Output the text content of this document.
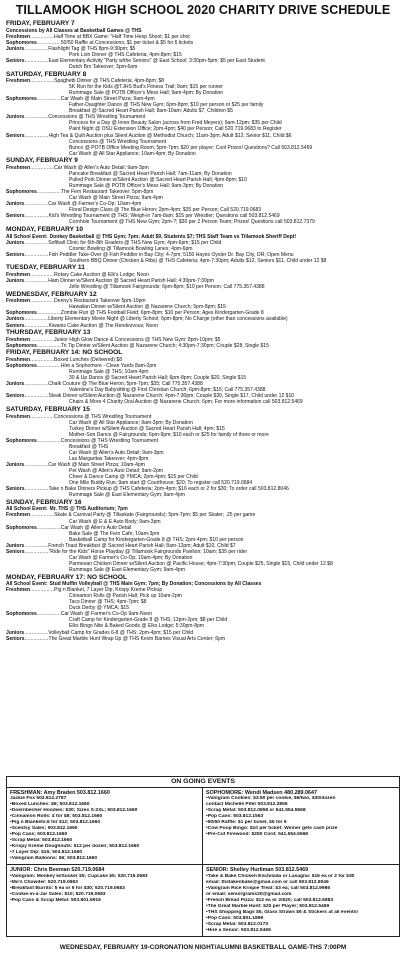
TILLAMOOK HIGH SCHOOL 2020 CHARITY DRIVE SCHEDULE
FRIDAY, FEBRUARY 7
Concessions by All Classes at Basketball Games @ THS
Freshmen .....	Half Time at BBX Game: "Half Time Hoop Shoot; $1 per shot
Sophomores .....	50/50 Raffle at Concessions; $1 per ticket & $5 for 6 tickets
Juniors .....	Flashlight Tag @ THS 8pm-9:30pm; $5
Pork Loin Dinner @ THS Cafeteria; 4pm-8pm; $15
Seniors .....	East Elementary Activity "Party w/the Seniors" @ East School; 3:30pm-5pm; $5 per East Student
Dutch Bro Takeover; 3pm-6pm
SATURDAY, FEBRUARY 8
Freshmen .....	Spaghetti Dinner @ THS Cafeteria; 4pm-8pm; $8
5K Run for the Kids @TJHS Bud's Fitness Trail; 8am; $15 per runner
Rummage Sale @ POTB Officer's Mess Hall; 9am-4pm; By Donation
Sophomores .....	Car Wash @ Main Street Pizza; 9am-4pm
Father-Daughter Dance @ THS New Gym; 6pm-8pm; $10 per person or $25 per family
Breakfast @ Sacred Heart Parish Hall; 8am-10am; Adults $7, Children $5
Juniors .....	Concessions @ THS Wrestling Tournament
Princess for a Day @ Inner Beauty Salon (across from Fred Meyers); 9am-12pm; $35 per Child
Paint Night @ OSU Extension Office; 2pm-4pm; $40 per Person; Call 520.719.0683 to Register
Seniors .....	High Tea & Quilt Auction plus Silent Auction @ Methodist Church; 11am-3pm; Adult $12, Senior $11, Child $6
Concessions @ THS Wrestling Tournament
Bunco @ POTB Office Meeting Room; 5pm-7pm; $20 per player; Cool Prizes! Questions? Call 503.812.5469
Car Wash @ All Star Appliance; 10am-4pm; By Donation
SUNDAY, FEBRUARY 9
Freshmen .....	Car Wash @ Allen's Auto Detail; 9am-3pm
Pancake Breakfast @ Sacred Heart Parish Hall; 7am-11am; By Donation
Pulled Pork Dinner w/Silent Auction @ Sacred Heart Parish Hall; 4pm-8pm; $10
Rummage Sale @ POTB Officer's Mess Hall; 9am-3pm; By Donation
Sophomores .....	The Fern Restaurant Takeover; 5pm-8pm
Car Wash @ Main Street Pizza; 9am-4pm
Juniors .....	Car Wash @ Farmer's Co-Op; 10am-4pm
Floral Design Class @ The Blue Heron; 2pm-4pm; $35 per Person; Call 520.719.0683
Seniors .....	Kid's Wrestling Tournament @ THS; Weigh-in 7am-8am; $15 per Wrestler; Questions call 503.812.5469
Cornhole Tournament @ THS New Gym; 2pm-?; $30 per 2 Person Team; Prizes! Questions call 503.812.7379
MONDAY, FEBRUARY 10
All School Event: Donkey Basketball @ THS Gym; 7pm; Adult $9, Students $7; THS Staff Team vs Tillamook Sheriff Dept!
Juniors .....	Softball Clinic for 6th-8th Graders @ THS New Gym; 4pm-6pm; $15 per Child
Cosmic Bowling @ Tillamook Bowling Lanes; 4pm-6pm
Seniors .....	Fish Peddler Take-Over @ Fish Peddler in Bay City; 4-7pm; 5150 Hayes Oyster Dr. Bay City, OR; Open Menu
Southern BBQ Dinner (Chicken & Ribs) @ THS Cafeteria; 4pm-7:30pm; Adults $12, Seniors $11, Child under 12 $8
TUESDAY, FEBRUARY 11
Freshmen .....	Rotary Cake Auction @ Elk's Lodge; Noon
Juniors .....	Ham Dinner w/Silent Auction @ Sacred Heart Parish Hall; 4:30pm-7:30pm
Jello Wrestling @ Tillamook Fairgrounds; 6pm-8pm; $10 per Person; Call 775.357.4388
WEDNESDAY, FEBRUARY 12
Freshmen .....	Denny's Restaurant Takeover 5pm-10pm
Hawaiian Dinner w/Silent Auction @ Nazarene Church; 5pm-8pm; $15
Sophomores .....	Zombie Run @ THS Football Field; 6pm-8pm; $10 per Person; Ages Kindergarten-Grade 8
Juniors .....	Liberty Elementary Movie Night @ Liberty School; 6pm-8pm; No Charge (other than concessions available)
Seniors .....	Kiwanis Cake Auction @ The Rendezvous; Noon
THURSDAY, FEBRUARY 13
Freshmen .....	Junior High Glow Dance & Concessions @ THS New Gym; 8pm-10pm; $5
Sophomores .....	Tri Tip Dinner w/Silent Auction @ Nazarene Church; 4:30pm-7:30pm; Couple $28, Single $15
FRIDAY, FEBRUARY 14: NO SCHOOL
Freshmen .....	Boxed Lunches (Delivered) $8
Sophomores .....	Hire a Sophomore - Clean Yards 8am-2pm
Rummage Sale @ THS; 10am-4pm
30 & Up Dance @ Sacred Heart Parish Hall; 6pm-8pm; Couple $20, Single $15
Juniors .....	Chalk Couture @ The Blue Heron; 5pm-7pm; $35; Call 775.357.4388
Valentine's Day Babysitting @ First Christian Church; 6pm-8pm; $15; Call 775.357.4388
Seniors .....	Steak Dinner w/Silent Auction @ Nazarene Church; 4pm-7:30pm; Couple $30, Single $17, Child under 12 $10
Chairs & More 4 Charity Oral Auction @ Nazarene Church; 6pm; For more information call 503.812.5469
SATURDAY, FEBRUARY 15
Freshmen .....	Concessions @ THS Wrestling Tournament
Car Wash @ All Star Appliance; 9am-3pm; By Donation
Turkey Dinner w/Silent Auction @ Sacred Heart Parish Hall; 4pm; $15
Mother-Son Dance @ Fairgrounds; 6pm-9pm; $10 each or $25 for family of three or more
Sophomores .....	Concessions @ THS Wrestling Tournament
Breakfast @ THS
Car Wash @ Allen's Auto Detail; 9am-3pm
Las Margaritas Takeover; 4pm-8pm
Juniors .....	Car Wash @ Main Street Pizza; 10am-4pm
Pet Wash @ Allen's Auto Detail; 9am-2pm
Cheer & Dance Camp @ YMCA; 2pm-4pm; $15 per Child
One Mile Buddy Run; 9am start @ Courthouse; $20; To register call 520.719.0684
Seniors .....	Take n Bake Dinners Pickup @ THS Cafeteria; 2pm-4pm; $16 each or 2 for $30; To order call 503.812.8046
Rummage Sale @ East Elementary Gym; 9am-4pm
SUNDAY, FEBRUARY 16
All School Event: Mr. THS @ THS Auditorium; 7pm
Freshmen .....	Skate & Carnival Party @ Tillaskate (Fairgrounds); 5pm-7pm; $5 per Skater; .25 per game
Car Wash @ E & E Auto Body; 9am-3pm
Sophomores .....	Car Wash @ Allen's Auto Detail
Bake Sale @ The Fern Cafe; 10am-3pm
Basketball Camp for Kindergarten-Grade 8 @ THS; 2pm-4pm; $10 per person
Juniors .....	French Toast Breakfast @ Sacred Heart Parish Hall; 8am-12pm; Adult $10, Child $7
Seniors .....	"Ride for the Kids" Horse Playday @ Tillamook Fairgrounds Pavilion; 10am; $35 per rider
Car Wash @ Farmer's Co-Op; 10am-4pm; By Donation
Parmesan Chicken Dinner w/Silent Auction @ Pacific House; 4pm-7:30pm; Couple $25, Single $15, Child under 12 $8
Rummage Sale @ East Elementary Gym; 9am-4pm
MONDAY, FEBRUARY 17: NO SCHOOL
All School Event: Stud Muffin Volleyball @ THS Main Gym; 7pm; By Donation; Concessions by All Classes
Freshmen .....	Pig n Blanket, 7 Layer Dip, Krispy Kreme Pickup
Cinnamon Rolls @ Parish Hall; Pick up 10am-2pm
Taco Dinner @ THS; 4pm-7pm; $8
Duck Derby @ YMCA; $15
Sophomores .....	Car Wash @ Farmer's Co-Op 9am-Noon
Craft Camp for Kindergarten-Grade 8 @ THS; 12pm-2pm; $8 per Child
Elks Bingo Nite & Baked Goods @ Elks Lodge; 5:30pm-8pm
Juniors .....	Volleyball Camp for Grades 6-8 @ THS; 2pm-4pm; $15 per Child
Seniors .....	The Great Marble Hunt Wrap Up @ THS Kevin Barnes Visual Arts Center; 6pm
ON GOING EVENTS
FRESHMAN: Amy Braden 503.812.1660
Jackie Fox 503.812.2787
•Boxed Lunches: $8; 503.812.1660
•Doernbecher Hoodies: $30; Sizes S-2XL; 503.812.1660
•Cinnamon Rolls: 4 for $8; 503.812.1660
•Pig n Blankets:6 for $12; 503.812.1660
•Scentsy Sales; 503.812.1660
•Pop Cans; 503.812.1660
•Scrap Metal: 503.812.1660
•Krispy Kreme Doughnuts: $12 per dozen; 503.812.1660
•7 Layer Dip: $15; 503.812.1660
•Valogram Balloons: $6; 503.812.1660
SOPHOMORE: Wendi Madsen 480.289.0647
•Valogram Cookies: $3.50 per cookie, $6/two, $30/dozen
contact Michelle Pifer 503.812.3856
•Scrap Metal: 503.812.0958 or 541.554.5568
•Pop Cans: 503.812.1563
•50/50 Raffle: $1 per ticket, $5 for 6
•Cow Poop Bingo: $10 per ticket; Winner gets cash prize
•Pre-Cut Firewood: $250 Cord; 541.554.5568
JUNIOR: Chris Beeman 520.719.0684
•Valogram: Monkey w/Sucker $5; Cupcake $5; 520.719.0683
•Mo's Chowder: 520.719.0683
•Breakfast Burrito: 5 ea or 6 for $30; 520.719.0683
•Cookie-in-a-Jar Sales: $10; 520.719.0683
•Pop Cans & Scrap Metal: 503.801.6916
SENIOR: Shelley Hurliman 503.812.5469
•Take & Bake Chicken Enchilada or Lasagna: $16 ea or 2 for $30
email: thstakenbake@gmail.com or call 503.812.8046
•Valogram Rice Krispie Treat: $3 ea; call 503.812.9986
or email: seniorgrams20@gmail.com
•French Bread Pizza: $12 ea or 2/$20; call 503.812.6883
•The Great Marble Hunt: $20 per Player; 503.812.5469
•THS Shopping Bags $5, Glass Straws $6 & Stickers at all events!
•Pop Cans: 503.801.1899
•Scrap Metal: 503.812.0173
•Hire a Senior: 503.812.5469
WEDNESDAY, FEBRUARY 19-CORONATION NIGHT/ALUMNI BASKETBALL GAME-THS 7:00PM
